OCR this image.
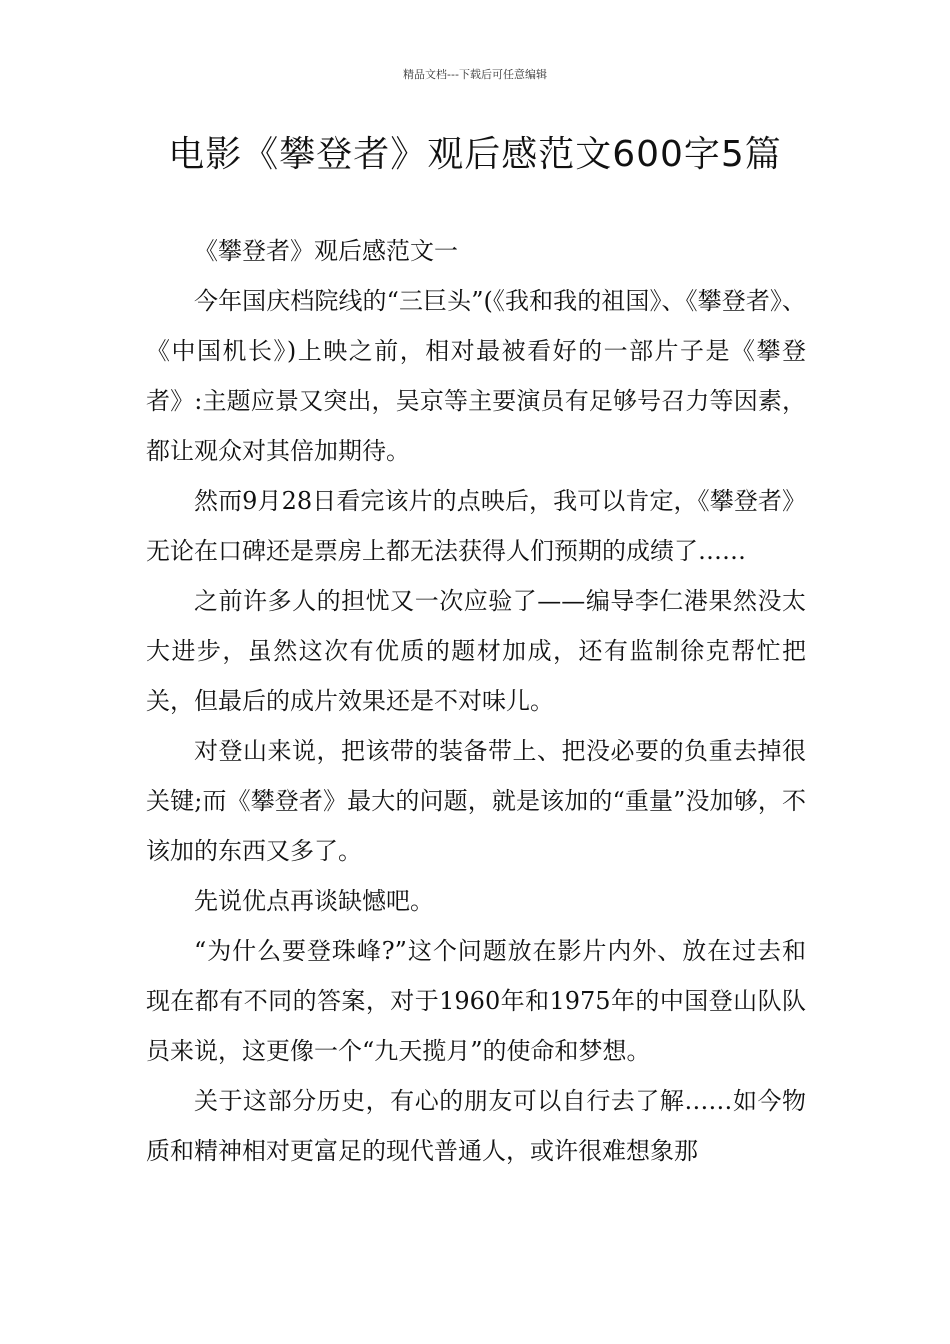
精品文档---下载后可任意编辑
电影《攀登者》观后感范文600字5篇

《攀登者》观后感范文一

今年国庆档院线的“三巨头”(《我和我的祖国》、《攀登者》、《中国机长》)上映之前，相对最被看好的一部片子是《攀登者》:主题应景又突出，吴京等主要演员有足够号召力等因素，都让观众对其倍加期待。

然而9月28日看完该片的点映后，我可以肯定，《攀登者》无论在口碑还是票房上都无法获得人们预期的成绩了……

之前许多人的担忧又一次应验了——编导李仁港果然没太大进步，虽然这次有优质的题材加成，还有监制徐克帮忙把关，但最后的成片效果还是不对味儿。

对登山来说，把该带的装备带上、把没必要的负重去掉很关键;而《攀登者》最大的问题，就是该加的“重量”没加够，不该加的东西又多了。

先说优点再谈缺憾吧。

“为什么要登珠峰?”这个问题放在影片内外、放在过去和现在都有不同的答案，对于1960年和1975年的中国登山队队员来说，这更像一个“九天揽月”的使命和梦想。

关于这部分历史，有心的朋友可以自行去了解……如今物质和精神相对更富足的现代普通人，或许很难想象那
